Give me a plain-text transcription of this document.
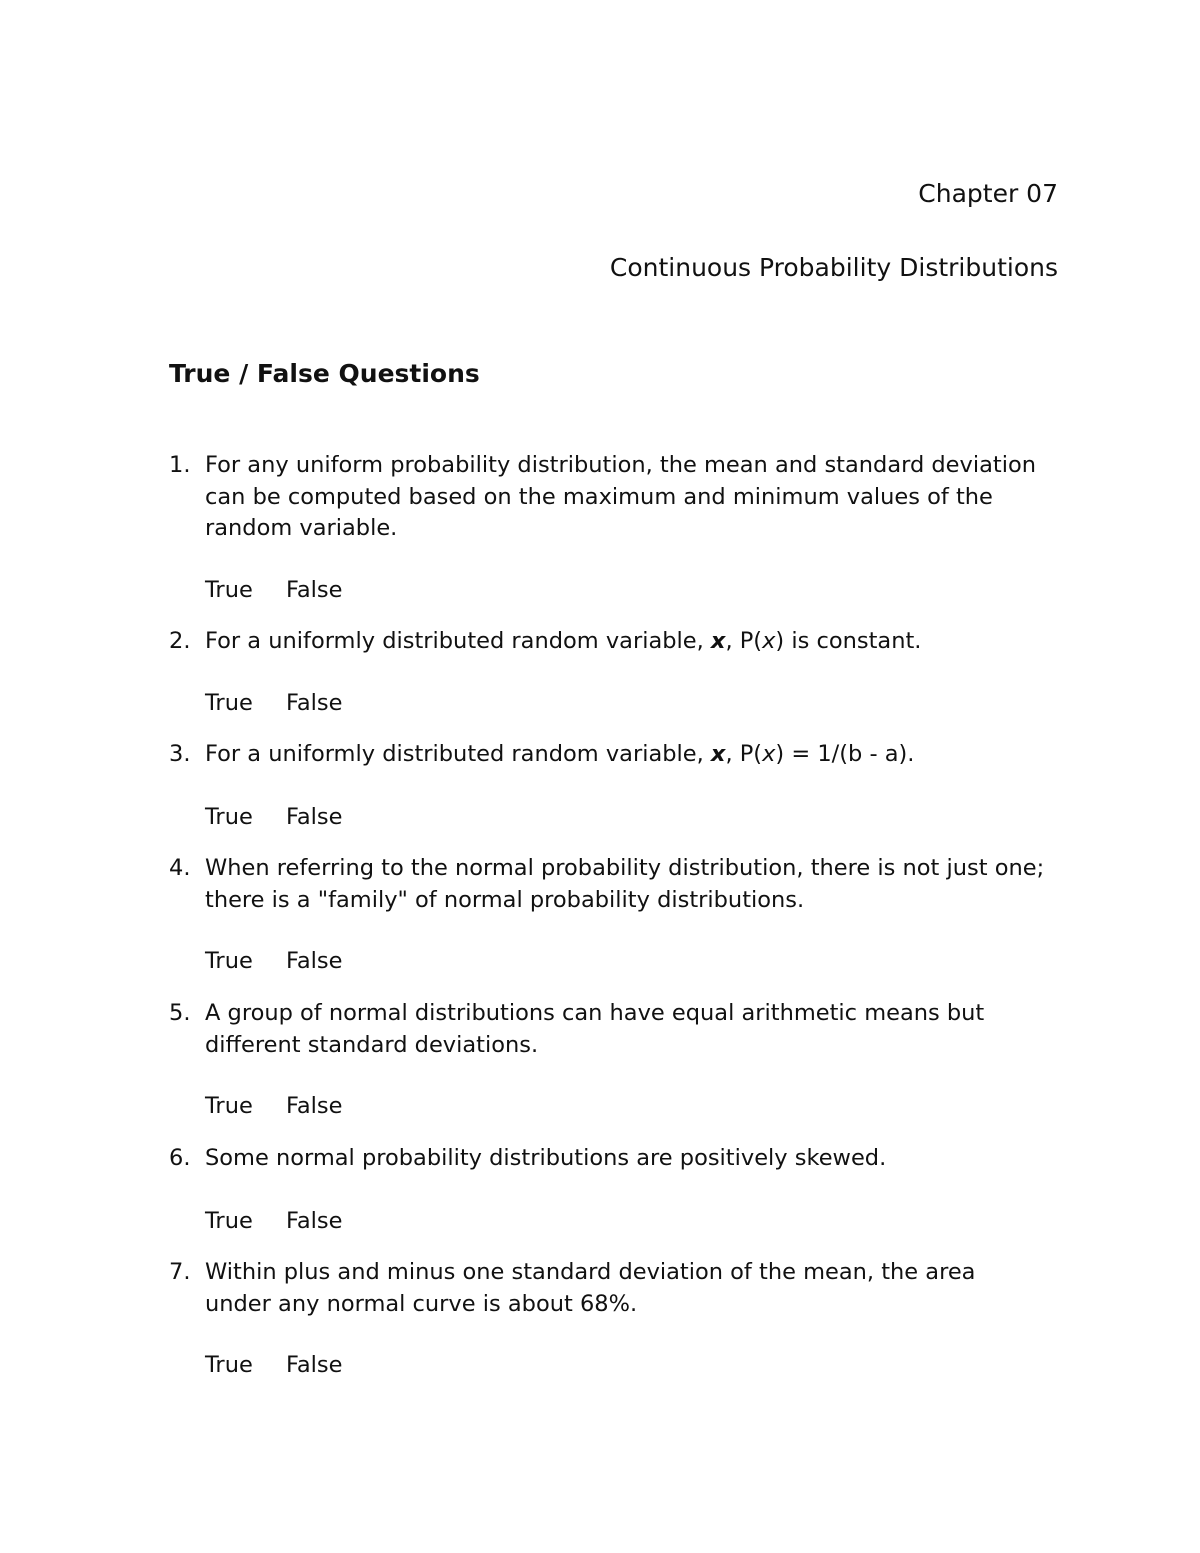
Chapter 07
Continuous Probability Distributions
True / False Questions
1. For any uniform probability distribution, the mean and standard deviation can be computed based on the maximum and minimum values of the random variable.
True False
2. For a uniformly distributed random variable, x, P(x) is constant.
True False
3. For a uniformly distributed random variable, x, P(x) = 1/(b - a).
True False
4. When referring to the normal probability distribution, there is not just one; there is a "family" of normal probability distributions.
True False
5. A group of normal distributions can have equal arithmetic means but different standard deviations.
True False
6. Some normal probability distributions are positively skewed.
True False
7. Within plus and minus one standard deviation of the mean, the area under any normal curve is about 68%.
True False
